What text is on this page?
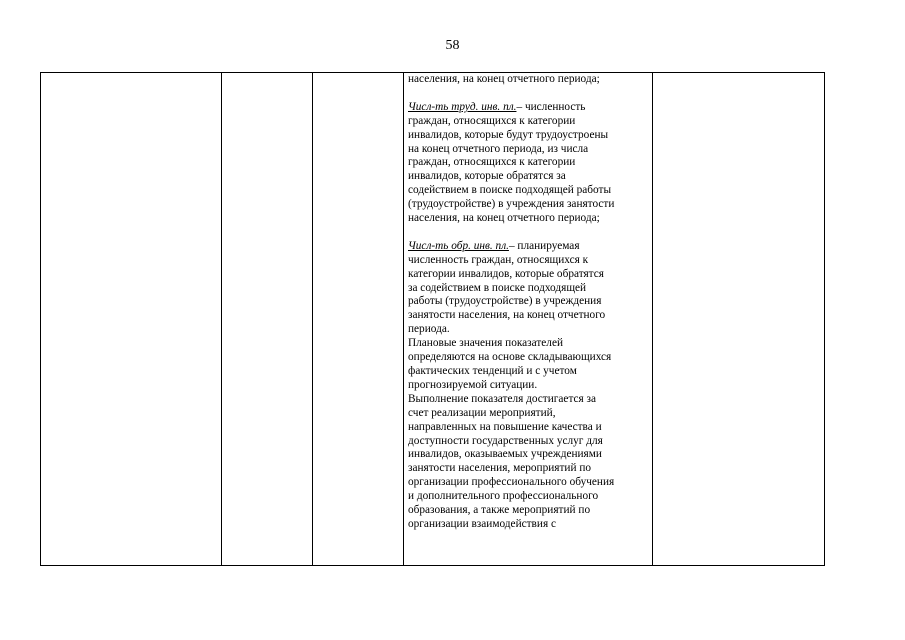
58

населения, на конец отчетного периода;
Числ-ть труд. инв. пл.– численность
граждан, относящихся к категории
инвалидов, которые будут трудоустроены
на конец отчетного периода, из числа
граждан, относящихся к категории
инвалидов, которые обратятся за
содействием в поиске подходящей работы
(трудоустройстве) в учреждения занятости
населения, на конец отчетного периода;
Числ-ть обр. инв. пл.– планируемая
численность граждан, относящихся к
категории инвалидов, которые обратятся
за содействием в поиске подходящей
работы (трудоустройстве) в учреждения
занятости населения, на конец отчетного
периода.
Плановые значения показателей
определяются на основе складывающихся
фактических тенденций и с учетом
прогнозируемой ситуации.
Выполнение показателя достигается за
счет реализации мероприятий,
направленных на повышение качества и
доступности государственных услуг для
инвалидов, оказываемых учреждениями
занятости населения, мероприятий по
организации профессионального обучения
и дополнительного профессионального
образования, а также мероприятий по
организации взаимодействия с
